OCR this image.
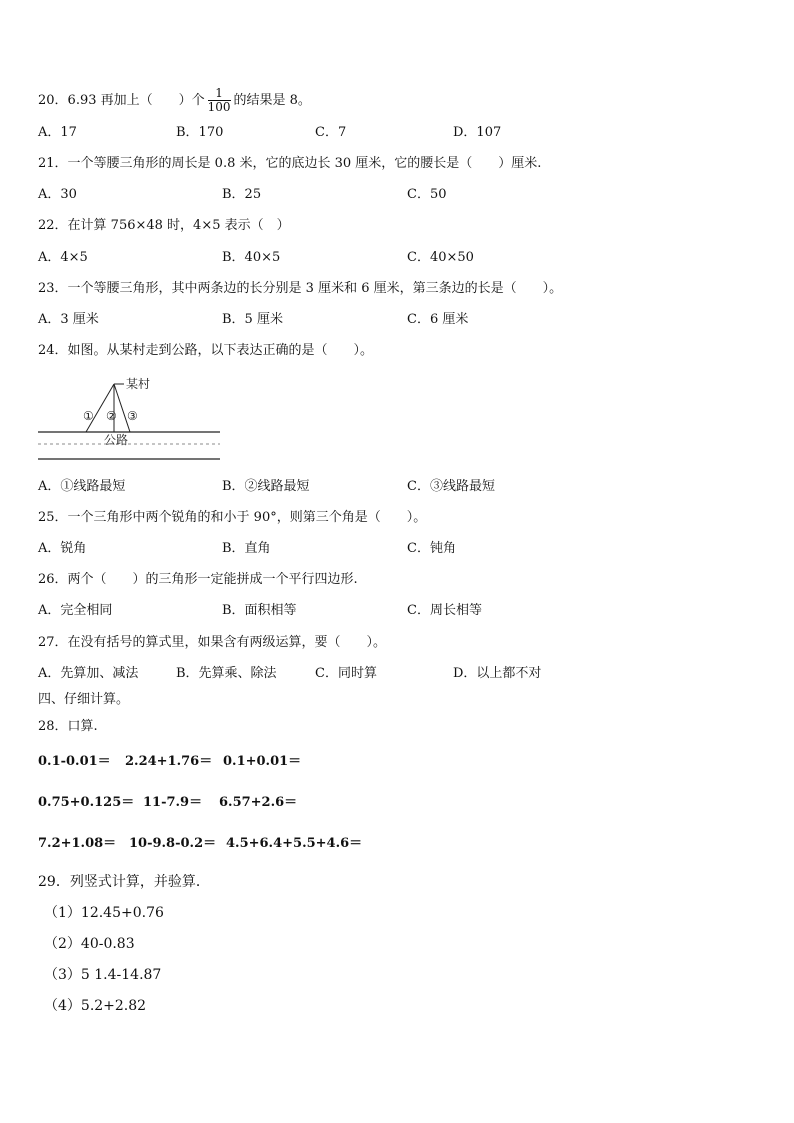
20．6.93 再加上（　　）个 $\frac{1}{100}$ 的结果是 8。
A．17	B．170	C．7	D．107
21．一个等腰三角形的周长是 0.8 米，它的底边长 30 厘米，它的腰长是（　　）厘米.
A．30	B．25	C．50
22．在计算 756×48 时，4×5 表示（　）
A．4×5	B．40×5	C．40×50
23．一个等腰三角形，其中两条边的长分别是 3 厘米和 6 厘米，第三条边的长是（　　）。
A．3 厘米	B．5 厘米	C．6 厘米
24．如图。从某村走到公路，以下表达正确的是（　　）。
某村
① ② ③
公路
A．①线路最短	B．②线路最短	C．③线路最短
25．一个三角形中两个锐角的和小于 90°，则第三个角是（　　）。
A．锐角	B．直角	C．钝角
26．两个（　　）的三角形一定能拼成一个平行四边形.
A．完全相同	B．面积相等	C．周长相等
27．在没有括号的算式里，如果含有两级运算，要（　　）。
A．先算加、减法	B．先算乘、除法	C．同时算	D．以上都不对
四、仔细计算。
28．口算.
0.1-0.01＝ 2.24+1.76＝ 0.1+0.01＝
0.75+0.125＝ 11-7.9＝ 6.57+2.6＝
7.2+1.08＝ 10-9.8-0.2＝ 4.5+6.4+5.5+4.6＝
29．列竖式计算，并验算．
（1）12.45+0.76
（2）40-0.83
（3）5 1.4-14.87
（4）5.2+2.82
